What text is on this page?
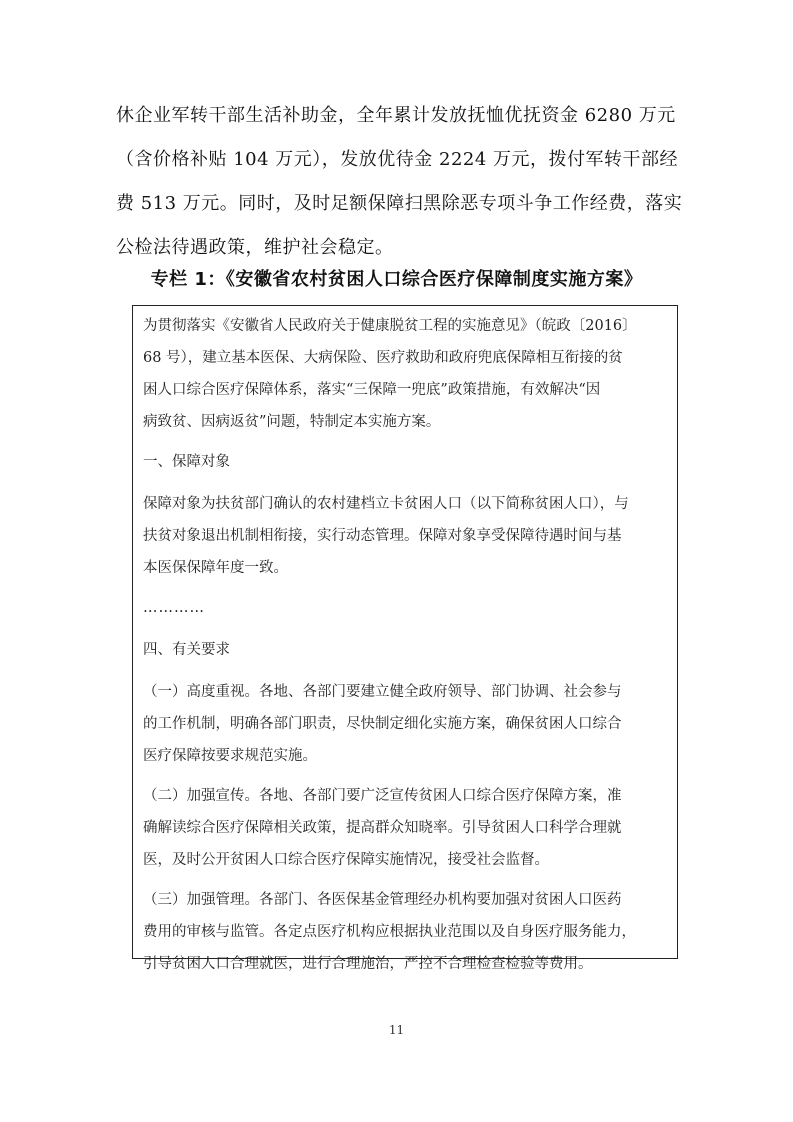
休企业军转干部生活补助金，全年累计发放抚恤优抚资金 6280 万元

（含价格补贴 104 万元），发放优待金 2224 万元，拨付军转干部经

费 513 万元。同时，及时足额保障扫黑除恶专项斗争工作经费，落实

公检法待遇政策，维护社会稳定。

专栏 1：《安徽省农村贫困人口综合医疗保障制度实施方案》

为贯彻落实《安徽省人民政府关于健康脱贫工程的实施意见》（皖政〔2016〕
68 号），建立基本医保、大病保险、医疗救助和政府兜底保障相互衔接的贫
困人口综合医疗保障体系，落实“三保障一兜底”政策措施，有效解决“因
病致贫、因病返贫”问题，特制定本实施方案。

一、保障对象

保障对象为扶贫部门确认的农村建档立卡贫困人口（以下简称贫困人口），与
扶贫对象退出机制相衔接，实行动态管理。保障对象享受保障待遇时间与基
本医保保障年度一致。

…………

四、有关要求

（一）高度重视。各地、各部门要建立健全政府领导、部门协调、社会参与
的工作机制，明确各部门职责，尽快制定细化实施方案，确保贫困人口综合
医疗保障按要求规范实施。

（二）加强宣传。各地、各部门要广泛宣传贫困人口综合医疗保障方案，准
确解读综合医疗保障相关政策，提高群众知晓率。引导贫困人口科学合理就
医，及时公开贫困人口综合医疗保障实施情况，接受社会监督。

（三）加强管理。各部门、各医保基金管理经办机构要加强对贫困人口医药
费用的审核与监管。各定点医疗机构应根据执业范围以及自身医疗服务能力，
引导贫困人口合理就医，进行合理施治，严控不合理检查检验等费用。

11
